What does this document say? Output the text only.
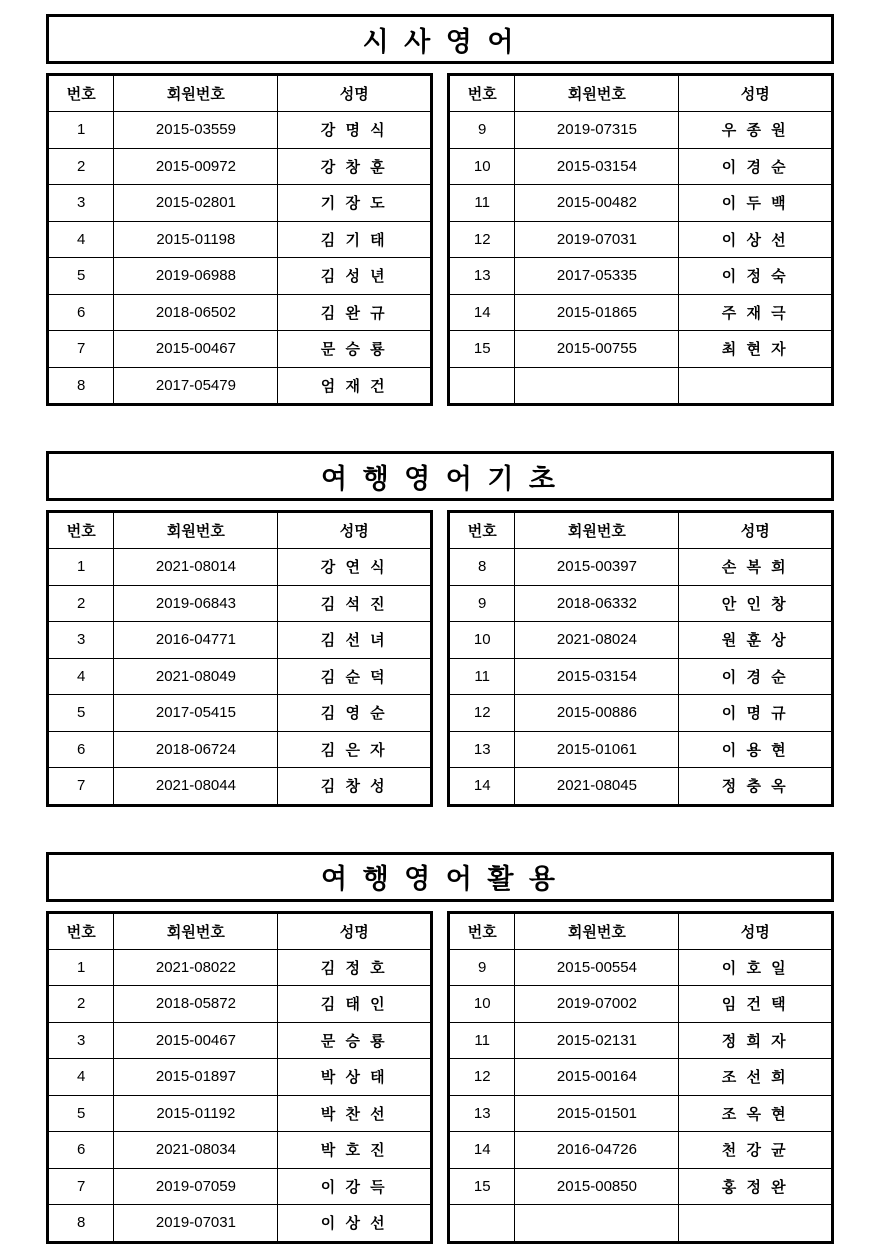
시 사 영 어
번호	회원번호	성명
1	2015-03559	강 명 식
2	2015-00972	강 창 훈
3	2015-02801	기 장 도
4	2015-01198	김 기 태
5	2019-06988	김 성 년
6	2018-06502	김 완 규
7	2015-00467	문 승 룡
8	2017-05479	엄 재 건
번호	회원번호	성명
9	2019-07315	우 종 원
10	2015-03154	이 경 순
11	2015-00482	이 두 백
12	2019-07031	이 상 선
13	2017-05335	이 정 숙
14	2015-01865	주 재 극
15	2015-00755	최 현 자

여 행 영 어 기 초
번호	회원번호	성명
1	2021-08014	강 연 식
2	2019-06843	김 석 진
3	2016-04771	김 선 녀
4	2021-08049	김 순 덕
5	2017-05415	김 영 순
6	2018-06724	김 은 자
7	2021-08044	김 창 성
번호	회원번호	성명
8	2015-00397	손 복 희
9	2018-06332	안 인 창
10	2021-08024	원 훈 상
11	2015-03154	이 경 순
12	2015-00886	이 명 규
13	2015-01061	이 용 현
14	2021-08045	정 충 옥
여 행 영 어 활 용
번호	회원번호	성명
1	2021-08022	김 정 호
2	2018-05872	김 태 인
3	2015-00467	문 승 룡
4	2015-01897	박 상 태
5	2015-01192	박 찬 선
6	2021-08034	박 호 진
7	2019-07059	이 강 득
8	2019-07031	이 상 선
번호	회원번호	성명
9	2015-00554	이 호 일
10	2019-07002	임 건 택
11	2015-02131	정 희 자
12	2015-00164	조 선 희
13	2015-01501	조 옥 현
14	2016-04726	천 강 균
15	2015-00850	홍 정 완
